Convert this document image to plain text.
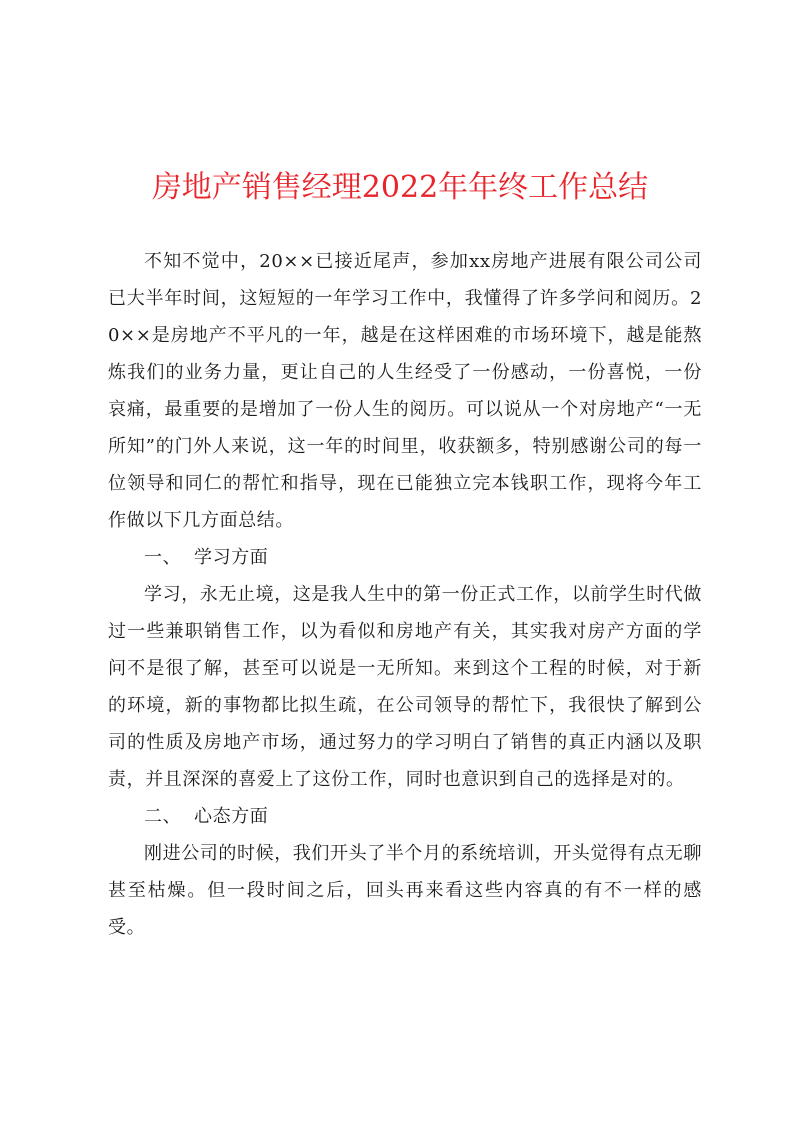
房地产销售经理2022年年终工作总结

不知不觉中，20××已接近尾声，参加xx房地产进展有限公司公司已大半年时间，这短短的一年学习工作中，我懂得了许多学问和阅历。20××是房地产不平凡的一年，越是在这样困难的市场环境下，越是能熬炼我们的业务力量，更让自己的人生经受了一份感动，一份喜悦，一份哀痛，最重要的是增加了一份人生的阅历。可以说从一个对房地产“一无所知”的门外人来说，这一年的时间里，收获额多，特别感谢公司的每一位领导和同仁的帮忙和指导，现在已能独立完本钱职工作，现将今年工作做以下几方面总结。

一、 学习方面

学习，永无止境，这是我人生中的第一份正式工作，以前学生时代做过一些兼职销售工作，以为看似和房地产有关，其实我对房产方面的学问不是很了解，甚至可以说是一无所知。来到这个工程的时候，对于新的环境，新的事物都比拟生疏，在公司领导的帮忙下，我很快了解到公司的性质及房地产市场，通过努力的学习明白了销售的真正内涵以及职责，并且深深的喜爱上了这份工作，同时也意识到自己的选择是对的。

二、 心态方面

刚进公司的时候，我们开头了半个月的系统培训，开头觉得有点无聊甚至枯燥。但一段时间之后，回头再来看这些内容真的有不一样的感受。
